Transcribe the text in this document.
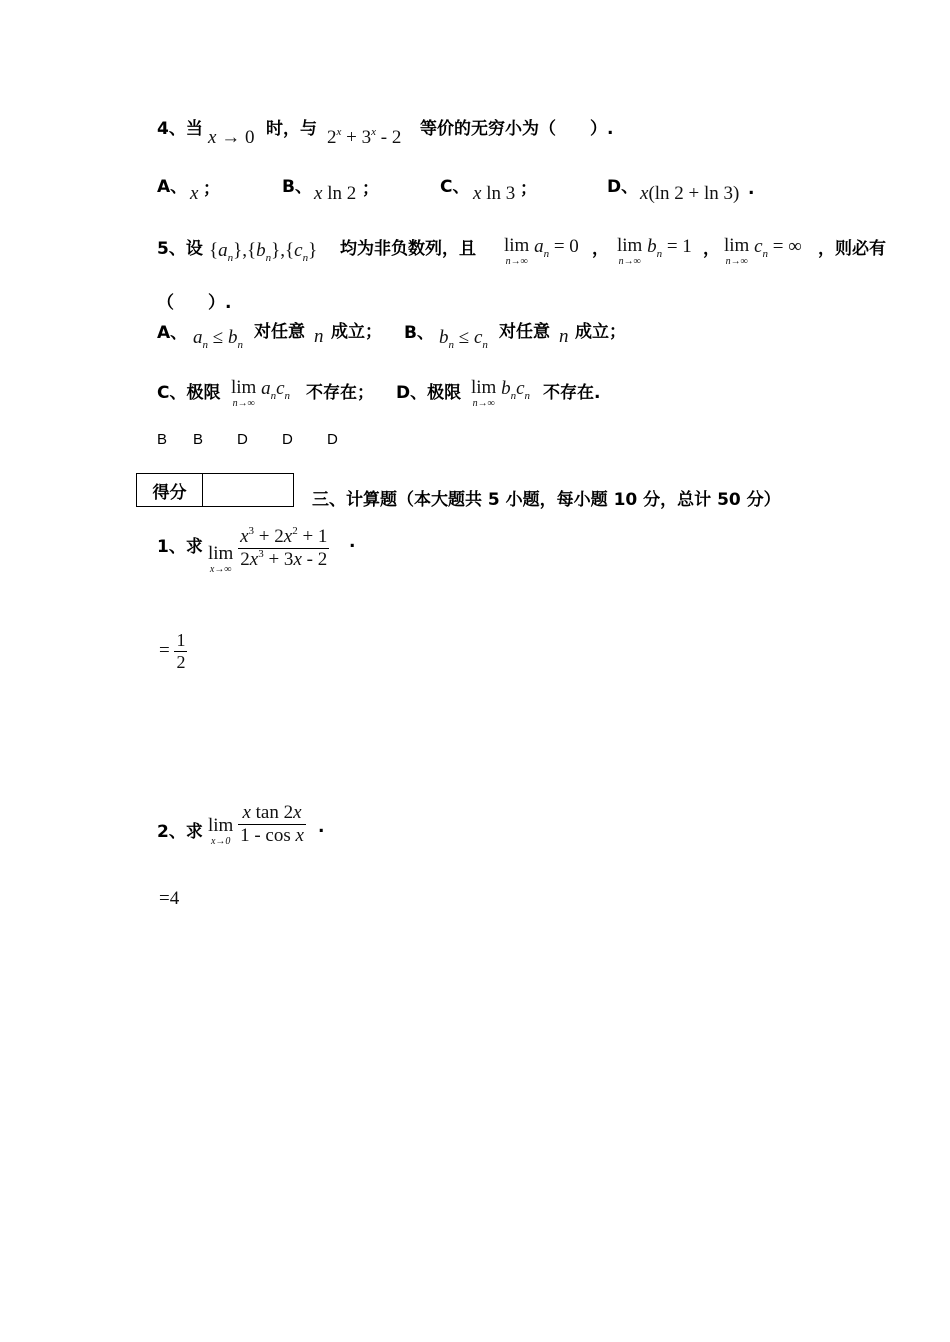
4、当 x → 0 时，与 $2^x + 3^x - 2$ 等价的无穷小为（　　）.
A、 x ；	B、 x ln 2 ；	C、 x ln 3 ；	D、 x(ln 2 + ln 3) .
5、设 $\{a_n\},\{b_n\},\{c_n\}$ 均为非负数列，且 lim
n→∞
$a_n = 0$ ， lim
n→∞
$b_n = 1$ ， lim
n→∞
$c_n$ = ∞ ，则必有
（　　）.
A、 $a_n \le b_n$
对任意 n 成立； B、 $b_n \le c_n$
对任意 n 成立；
C、极限 lim
n→∞
$a_nc_n$ 不存在； D、极限 lim
n→∞
$b_nc_n$ 不存在.
B B D D D
得分	三、计算题（本大题共 5 小题，每小题 10 分，总计 50 分）
1、求 lim
x→∞
$\frac{x^3 + 2x^2 + 1}{2x^3 + 3x - 2}$ .
= $\frac{1}{2}$
2、求 lim
x→0
$\frac{\text{x tan 2x}}{\text{1 - cos x}}$ .
=4
